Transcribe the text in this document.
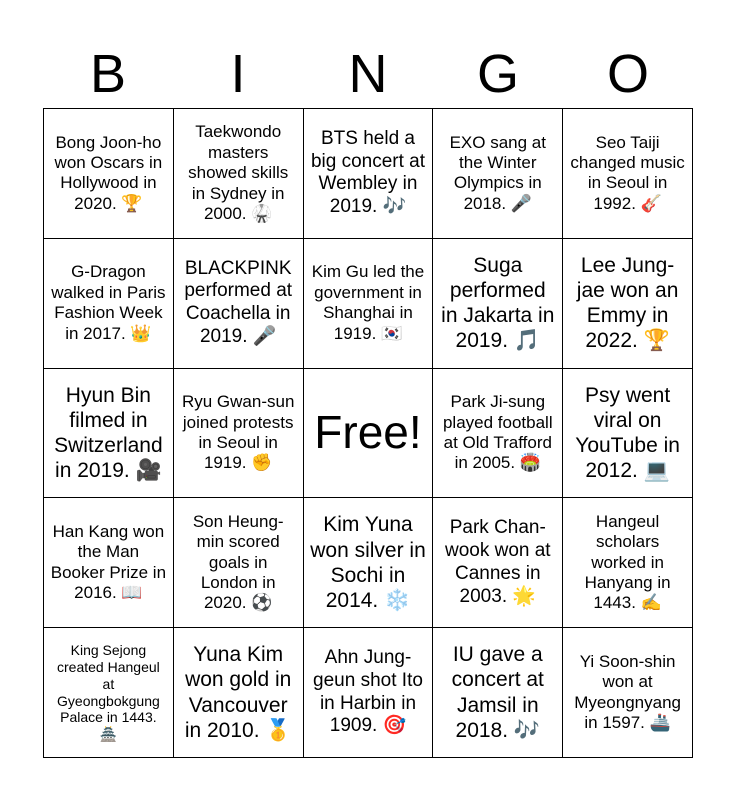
B	I	N	G	O
Bong Joon-ho won Oscars in Hollywood in 2020. 🏆
Taekwondo masters showed skills in Sydney in 2000. 🥋
BTS held a big concert at Wembley in 2019. 🎶
EXO sang at the Winter Olympics in 2018. 🎤
Seo Taiji changed music in Seoul in 1992. 🎸
G-Dragon walked in Paris Fashion Week in 2017. 👑
BLACKPINK performed at Coachella in 2019. 🎤
Kim Gu led the government in Shanghai in 1919. 🇰🇷
Suga performed in Jakarta in 2019. 🎵
Lee Jung-jae won an Emmy in 2022. 🏆
Hyun Bin filmed in Switzerland in 2019. 🎥
Ryu Gwan-sun joined protests in Seoul in 1919. ✊
Free!
Park Ji-sung played football at Old Trafford in 2005. 🏟️
Psy went viral on YouTube in 2012. 💻
Han Kang won the Man Booker Prize in 2016. 📖
Son Heung-min scored goals in London in 2020. ⚽
Kim Yuna won silver in Sochi in 2014. ❄️
Park Chan-wook won at Cannes in 2003. 🌟
Hangeul scholars worked in Hanyang in 1443. ✍️
King Sejong created Hangeul at Gyeongbokgung Palace in 1443. 🏯
Yuna Kim won gold in Vancouver in 2010. 🥇
Ahn Jung-geun shot Ito in Harbin in 1909. 🎯
IU gave a concert at Jamsil in 2018. 🎶
Yi Soon-shin won at Myeongnyang in 1597. 🚢
